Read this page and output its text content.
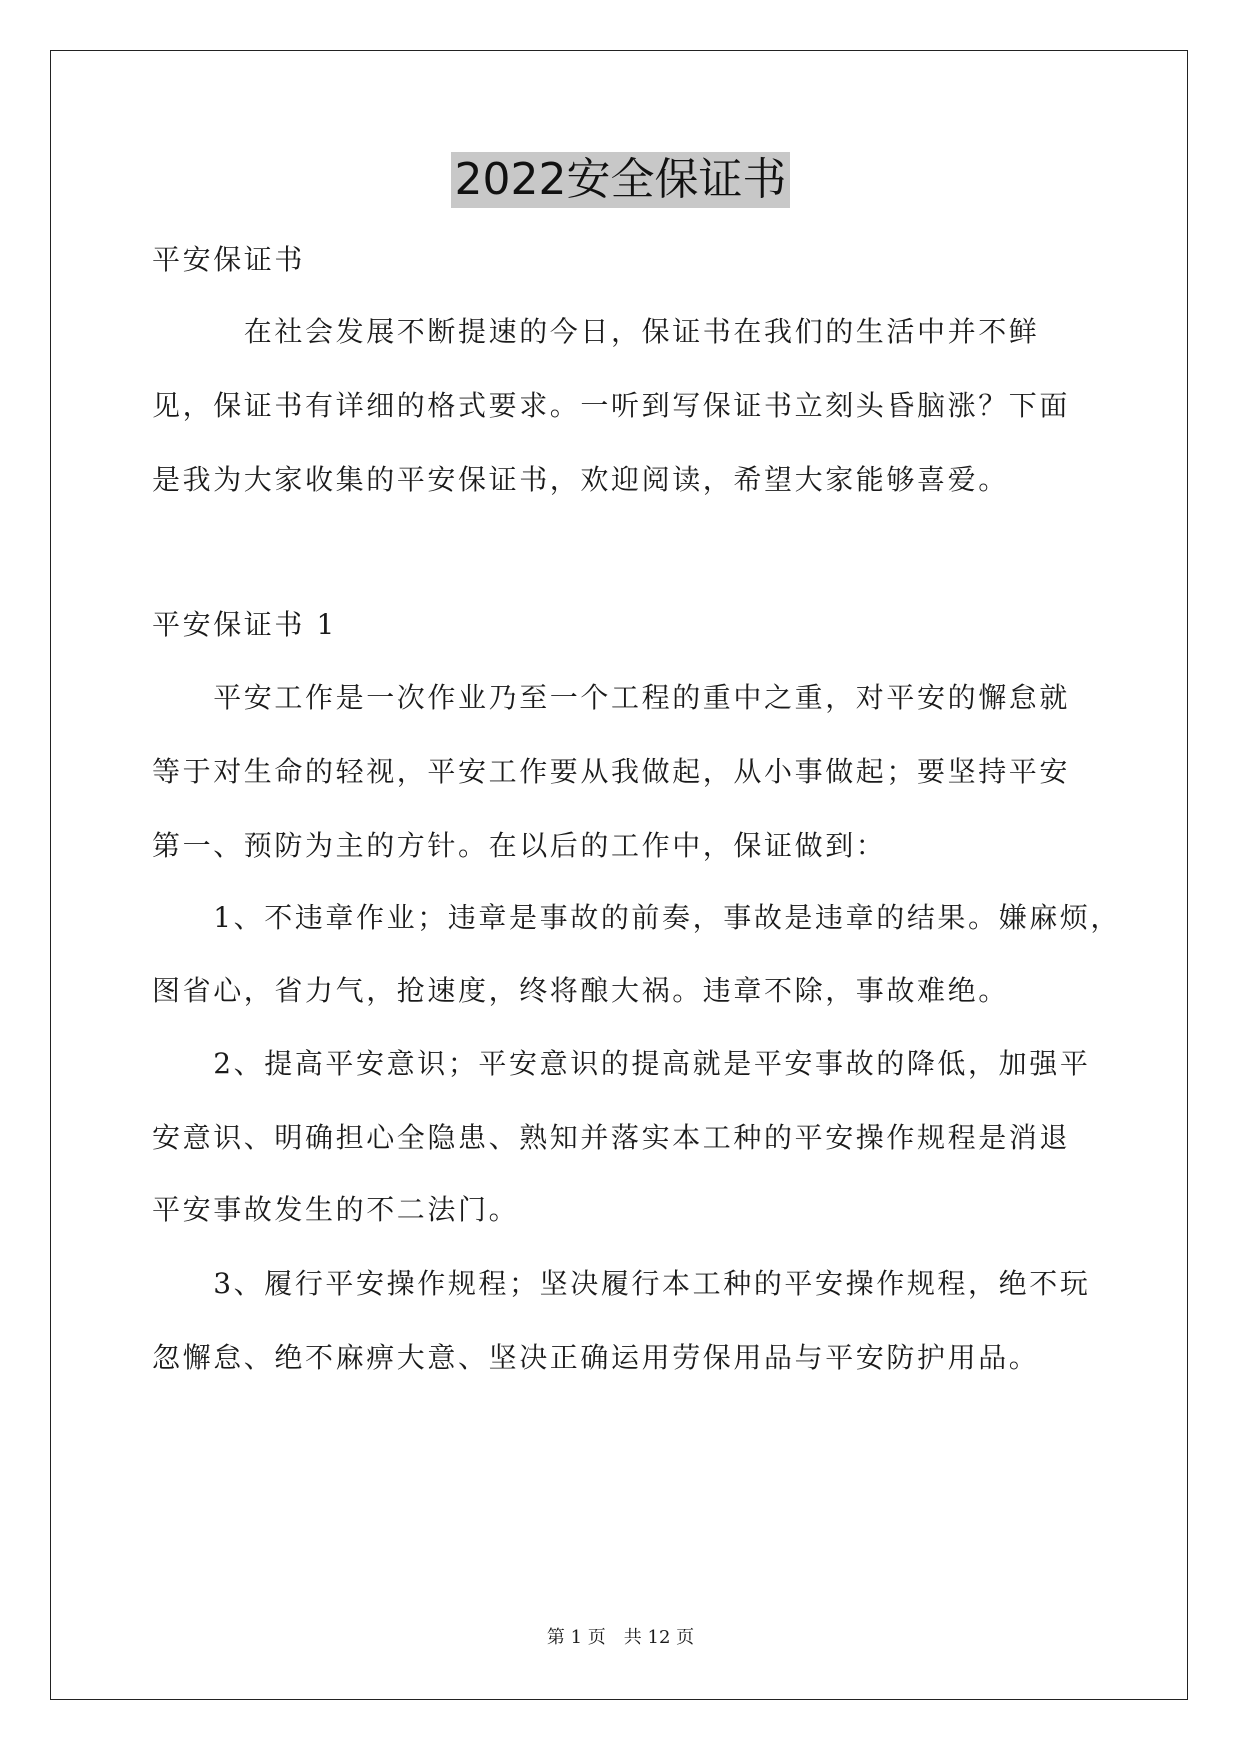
2022安全保证书
平安保证书
　　　在社会发展不断提速的今日，保证书在我们的生活中并不鲜
见，保证书有详细的格式要求。一听到写保证书立刻头昏脑涨？下面
是我为大家收集的平安保证书，欢迎阅读，希望大家能够喜爱。
平安保证书 1
　　平安工作是一次作业乃至一个工程的重中之重，对平安的懈怠就
等于对生命的轻视，平安工作要从我做起，从小事做起；要坚持平安
第一、预防为主的方针。在以后的工作中，保证做到：
　　1、不违章作业；违章是事故的前奏，事故是违章的结果。嫌麻烦，
图省心，省力气，抢速度，终将酿大祸。违章不除，事故难绝。
　　2、提高平安意识；平安意识的提高就是平安事故的降低，加强平
安意识、明确担心全隐患、熟知并落实本工种的平安操作规程是消退
平安事故发生的不二法门。
　　3、履行平安操作规程；坚决履行本工种的平安操作规程，绝不玩
忽懈怠、绝不麻痹大意、坚决正确运用劳保用品与平安防护用品。
第 1 页　共 12 页
